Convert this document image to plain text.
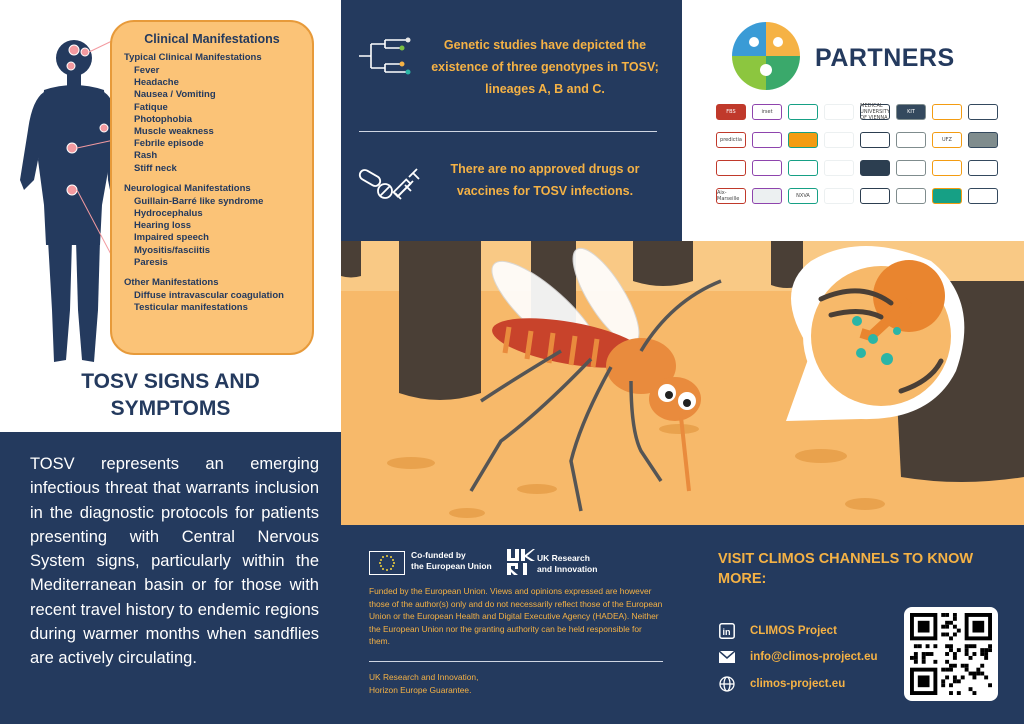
Clinical Manifestations
Typical Clinical Manifestations
Fever
Headache
Nausea / Vomiting
Fatique
Photophobia
Muscle weakness
Febrile episode
Rash
Stiff neck
Neurological Manifestations
Guillain-Barré like syndrome
Hydrocephalus
Hearing loss
Impaired speech
Myositis/fasciitis
Paresis
Other Manifestations
Diffuse intravascular coagulation
Testicular manifestations
TOSV SIGNS AND
SYMPTOMS

TOSV represents an emerging infectious threat that warrants inclusion in the diagnostic protocols for patients presenting with Central Nervous System signs, particularly within the Mediterranean basin or for those with recent travel history to endemic regions during warmer months when sandflies are actively circulating.

Genetic studies have depicted the existence of three genotypes in TOSV; lineages A, B and C.
There are no approved drugs or vaccines for TOSV infections.
PARTNERS
FBS	irset
MEDICAL UNIVERSITY OF VIENNA
KIT
predictia	UFZ
Aix-Marseille	NXVA
Co-funded by
the European Union
UK Research
and Innovation
Funded by the European Union. Views and opinions expressed are however those of the author(s) only and do not necessarily reflect those of the European Union or the European Health and Digital Executive Agency (HADEA). Neither the European Union nor the granting authority can be held responsible for them.
UK Research and Innovation,
Horizon Europe Guarantee.
VISIT CLIMOS CHANNELS TO KNOW MORE:
in CLIMOS Project
info@climos-project.eu
climos-project.eu
